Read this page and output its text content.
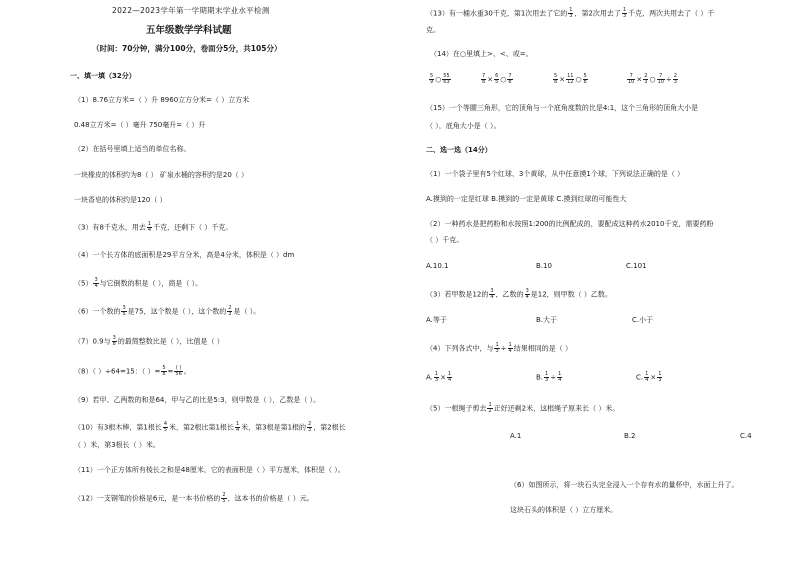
2022—2023学年第一学期期末学业水平检测
五年级数学学科试题
（时间：70分钟，满分100分，卷面分5分，共105分）
一、填一填（32分）
（1）8.76立方米=（ ）升 8960立方分米=（ ）立方米
0.48立方米=（ ）毫升 750毫升=（ ）升
（2）在括号里填上适当的单位名称。
一块橡皮的体积约为8（ ） 矿泉水桶的容积约是20（ ）
一块香皂的体积约是120（ ）
（3）有8千克水，用去 $\frac{1}{4}$ 千克，还剩下（ ）千克。
（4）一个长方体的底面积是29平方分米，高是4分米，体积是（ ）dm
$(5) \frac{3}{4}$ 与它倒数的积是（ ），商是（ ）。
（6）一个数的 $\frac{3}{5}$ 是75，这个数是（ ），这个数的 $\frac{2}{3}$ 是（ ）。
（7）0.9与 $\frac{3}{8}$ 的最简整数比是（ ），比值是（ ）
（8）（ ）÷64=15：（ ）= $\frac{5}{8} = \frac{( )}{56}$ 。
（9）若甲、乙两数的和是64，甲与乙的比是5:3，则甲数是（ ），乙数是（ ）。
（10）有3根木棒，第1根长 $\frac{4}{5}$ 米，第2根比第1根长 $\frac{1}{4}$ 米，第3根是第1根的 $\frac{2}{3}$ ，第2根长
（ ）米，第3根长（ ）米。
（11）一个正方体所有棱长之和是48厘米，它的表面积是（ ）平方厘米，体积是（ ）。
（12）一支钢笔的价格是6元，是一本书价格的 $\frac{2}{5}$ ，这本书的价格是（ ）元。
（13）有一桶水重30千克，第1次用去了它的 $\frac{1}{3}$ ，第2次用去了 $\frac{1}{3}$ 千克，两次共用去了（ ）千
克。
（14）在○里填上>、<、或=。
$\frac{5}{9}$ ○ $\frac{55}{63}$	$\frac{7}{8} \times \frac{6}{5}$ ○ $\frac{7}{8}$	$\frac{5}{8} \times \frac{11}{12}$ ○ $\frac{5}{8}$	$\frac{7}{10} \times \frac{2}{3}$ ○ $\frac{7}{10} \div \frac{2}{3}$
（15）一个等腰三角形，它的顶角与一个底角度数的比是4:1，这个三角形的顶角大小是
（ ），底角大小是（ ）。
二、选一选（14分）
（1）一个袋子里有5个红球、3个黄球，从中任意摸1个球，下列说法正确的是（ ）
A.摸到的一定是红球 B.摸到的一定是黄球 C.摸到红球的可能性大
（2）一种药水是把药粉和水按照1:200的比例配成的，要配成这种药水2010千克，需要药粉
（ ）千克。
A.10.1	B.10	C.101
（3）若甲数是12的 $\frac{3}{4}$ ，乙数的 $\frac{3}{4}$ 是12，则甲数（ ）乙数。
A.等于	B.大于	C.小于
（4）下列各式中，与 $\frac{1}{3} \div \frac{1}{4}$ 结果相同的是（ ）
A. $\frac{1}{3} \times \frac{1}{4}$	B. $\frac{1}{3} \div \frac{1}{4}$	C. $\frac{1}{4} \times \frac{1}{3}$
（5）一根绳子剪去 $\frac{1}{2}$ 正好还剩2米，这根绳子原来长（ ）米。
A.1	B.2	C.4
（6）如图所示，将一块石头完全浸入一个存有水的量杯中，水面上升了。
这块石头的体积是（ ）立方厘米。
